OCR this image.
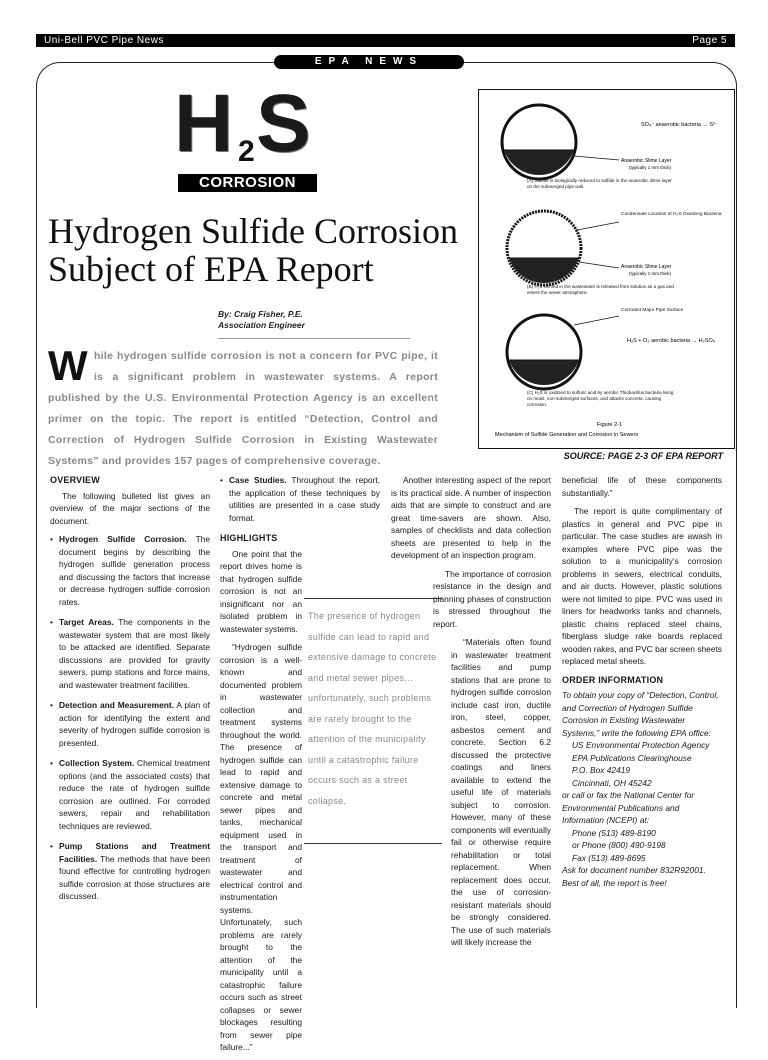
Uni-Bell PVC Pipe News	Page 5
EPA NEWS
H 2 S
CORROSION
Hydrogen Sulfide Corrosion
Subject of EPA Report
By: Craig Fisher, P.E.
Association Engineer
While hydrogen sulfide corrosion is not a concern for PVC pipe, it is a significant problem in wastewater systems. A report published by the U.S. Environmental Protection Agency is an excellent primer on the topic. The report is entitled “Detection, Control and Correction of Hydrogen Sulfide Corrosion in Existing Wastewater Systems” and provides 157 pages of comprehensive coverage.
SO₄⁻ anaerobic bacteria → S²⁻
Anaerobic Slime Layer
(typically 1 mm thick)
(A) Sulfate is biologically reduced to sulfide in the anaerobic slime layer on the submerged pipe wall.
Condensate Location of H₂S Oxidizing Bacteria
Anaerobic Slime Layer
(typically 1 mm thick)
(B) H₂S formed in the wastewater is released from solution as a gas and enters the sewer atmosphere.
Corroded Major Pipe Surface
H₂S + O₂ aerobic bacteria → H₂SO₄
(C) H₂S is oxidized to sulfuric acid by aerobic Thiobacillus bacteria living on moist, non-submerged surfaces, and attacks concrete, causing corrosion.
Figure 2-1
Mechanism of Sulfide Generation and Corrosion in Sewers
SOURCE: PAGE 2-3 OF EPA REPORT
OVERVIEW

The following bulleted list gives an overview of the major sections of the document.

• Hydrogen Sulfide Corrosion. The document begins by describing the hydrogen sulfide generation process and discussing the factors that increase or decrease hydrogen sulfide corrosion rates.
• Target Areas. The components in the wastewater system that are most likely to be attacked are identified. Separate discussions are provided for gravity sewers, pump stations and force mains, and wastewater treatment facilities.
• Detection and Measurement. A plan of action for identifying the extent and severity of hydrogen sulfide corrosion is presented.
• Collection System. Chemical treatment options (and the associated costs) that reduce the rate of hydrogen sulfide corrosion are outlined. For corroded sewers, repair and rehabilitation techniques are reviewed.
• Pump Stations and Treatment Facilities. The methods that have been found effective for controlling hydrogen sulfide corrosion at those structures are discussed.
• Case Studies. Throughout the report, the application of these techniques by utilities are presented in a case study format.
HIGHLIGHTS

One point that the report drives home is that hydrogen sulfide corrosion is not an insignificant nor an isolated problem in wastewater systems.

“Hydrogen sulfide corrosion is a well-known and documented problem in wastewater collection and treatment systems throughout the world. The presence of hydrogen sulfide can lead to rapid and extensive damage to concrete and metal sewer pipes and tanks, mechanical equipment used in the transport and treatment of wastewater and electrical control and instrumentation systems. Unfortunately, such problems are rarely brought to the attention of the municipality until a catastrophic failure occurs such as street collapses or sewer blockages resulting from sewer pipe failure...”

The presence of hydrogen sulfide can lead to rapid and extensive damage to concrete and metal sewer pipes... unfortunately, such problems are rarely brought to the attention of the municipality until a catastrophic failure occurs such as a street collapse.

Another interesting aspect of the report is its practical side. A number of inspection aids that are simple to construct and are great time-savers are shown. Also, samples of checklists and data collection sheets are presented to help in the development of an inspection program.

The importance of corrosion resistance in the design and planning phases of construction is stressed throughout the report.

“Materials often found in wastewater treatment facilities and pump stations that are prone to hydrogen sulfide corrosion include cast iron, ductile iron, steel, copper, asbestos cement and concrete. Section 6.2 discussed the protective coatings and liners available to extend the useful life of materials subject to corrosion. However, many of these components will eventually fail or otherwise require rehabilitation or total replacement. When replacement does occur, the use of corrosion-resistant materials should be strongly considered. The use of such materials will likely increase the

beneficial life of these components substantially.”

The report is quite complimentary of plastics in general and PVC pipe in particular. The case studies are awash in examples where PVC pipe was the solution to a municipality’s corrosion problems in sewers, electrical conduits, and air ducts. However, plastic solutions were not limited to pipe. PVC was used in liners for headworks tanks and channels, plastic chains replaced steel chains, fiberglass sludge rake boards replaced wooden rakes, and PVC bar screen sheets replaced metal sheets.

ORDER INFORMATION
To obtain your copy of “Detection, Control, and Correction of Hydrogen Sulfide Corrosion in Existing Wastewater Systems,” write the following EPA office:
US Environmental Protection Agency
EPA Publications Clearinghouse
P.O. Box 42419
Cincinnati, OH 45242
or call or fax the National Center for Environmental Publications and Information (NCEPI) at:
Phone (513) 489-8190
or Phone (800) 490-9198
Fax (513) 489-8695
Ask for document number 832R92001. Best of all, the report is free!
